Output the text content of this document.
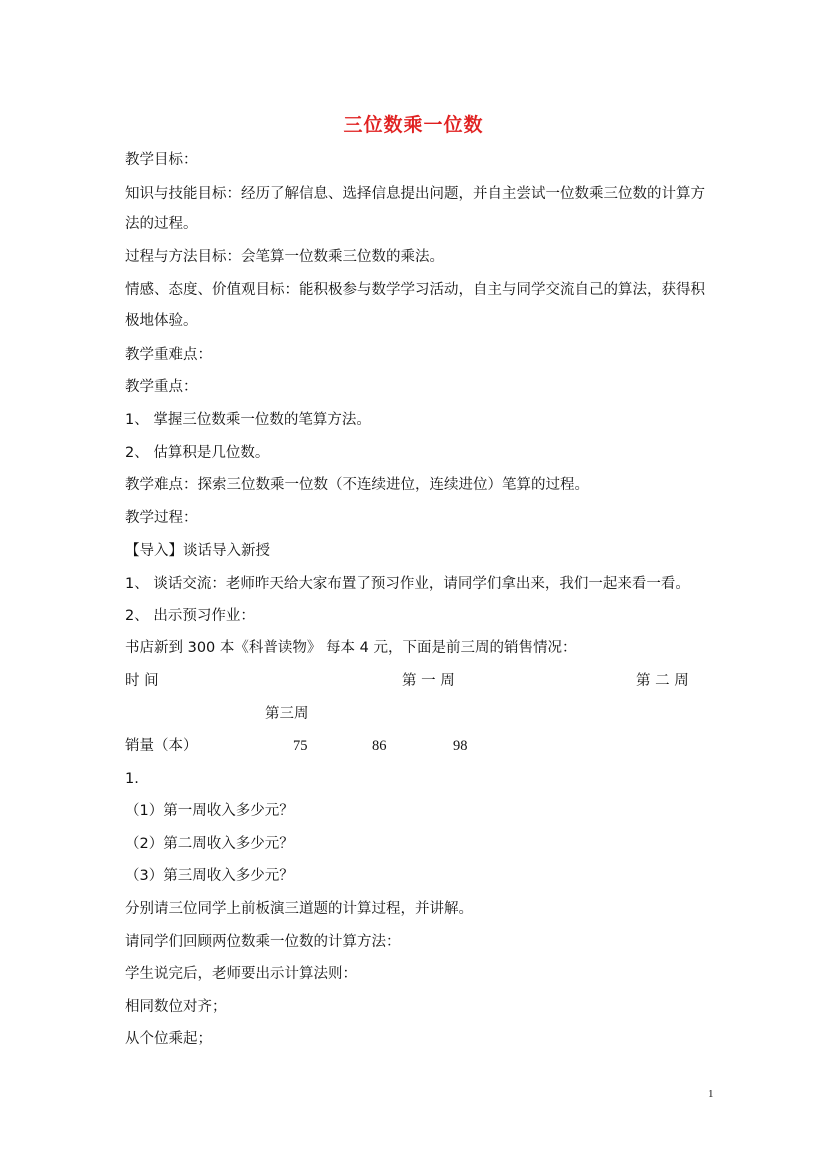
三位数乘一位数
教学目标：
知识与技能目标：经历了解信息、选择信息提出问题，并自主尝试一位数乘三位数的计算方
法的过程。
过程与方法目标：会笔算一位数乘三位数的乘法。
情感、态度、价值观目标：能积极参与数学学习活动，自主与同学交流自己的算法，获得积
极地体验。
教学重难点：
教学重点：
1、 掌握三位数乘一位数的笔算方法。
2、 估算积是几位数。
教学难点：探索三位数乘一位数（不连续进位，连续进位）笔算的过程。
教学过程：
【导入】谈话导入新授
1、 谈话交流：老师昨天给大家布置了预习作业，请同学们拿出来，我们一起来看一看。
2、 出示预习作业：
书店新到 300 本《科普读物》 每本 4 元，下面是前三周的销售情况：
时 间	第 一 周	第 二 周
第三周
销量（本）	75	86	98
1.
（1）第一周收入多少元？
（2）第二周收入多少元？
（3）第三周收入多少元？
分别请三位同学上前板演三道题的计算过程，并讲解。
请同学们回顾两位数乘一位数的计算方法：
学生说完后，老师要出示计算法则：
相同数位对齐；
从个位乘起；
1
